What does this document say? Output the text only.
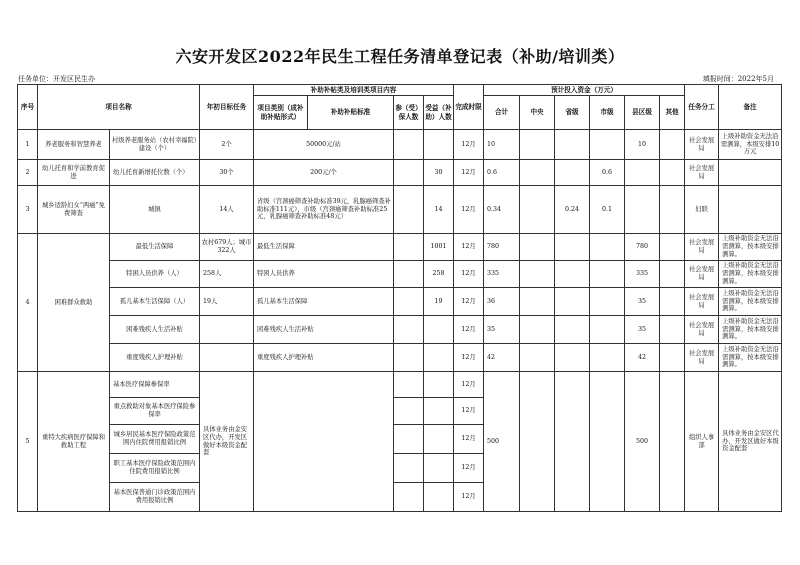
六安开发区2022年民生工程任务清单登记表（补助/培训类）
任务单位：开发区民生办	填报时间：2022年5月
序号	项目名称		年初目标任务	补助补帖类及培训类项目内容				完成时限	预计投入资金（万元）						任务分工	备注
				项目类别（成补助补贴形式）	补助补贴标准	参（受）保人数	受益（补助）人数		合计	中央	省级	市级	县区级	其他		
1	养老服务和智慧养老	村级养老服务站（农村幸福院）建设（个）	2个	50000元/站				12月	10				10		社会发展局	上级补助资金无法沿需测算，本级安排10万元
2	幼儿托育和学前教育促进	幼儿托育新增托位数（个）	30个	200元/个			30	12月	0.6			0.6			社会发展局	
3	城乡适龄妇女“两癌”免费筛查	城镇	14人	省级（宫颈癌筛查补助标准39元，乳腺癌筛查补助标准111元），市级（宫颈癌筛查补助标准25元，乳腺癌筛查补助标准48元）			14	12月	0.34		0.24	0.1			妇联	
4	困难群众救助	最低生活保障	农村679人；城市322人	最低生活保障			1001	12月	780				780		社会发展局	上级补助资金无法沿需测算，按本级安排测算。
		特困人员供养（人）	258人	特困人员供养			258	12月	335				335		社会发展局	上级补助资金无法沿需测算，按本级安排测算。
		孤儿基本生活保障（人）	19人	孤儿基本生活保障			19	12月	36				35		社会发展局	上级补助资金无法沿需测算，按本级安排测算。
		困难残疾人生活补贴		困难残疾人生活补贴				12月	35				35		社会发展局	上级补助资金无法沿需测算，按本级安排测算。
		重度残疾人护理补贴		重度残疾人护理补贴				12月	42				42		社会发展局	上级补助资金无法沿需测算，按本级安排测算。
5	重特大疾病医疗保障和救助工程	基本医疗保障参保率	具体业务由金安区代办，开发区做好本级资金配套					12月	500				500		组织人事部	具体业务由金安区代办，开发区做好本级资金配套
		重点救助对象基本医疗保险参保率						12月								
		城乡居民基本医疗保险政策范围内住院费用报销比例						12月								
		职工基本医疗保险政策范围内住院费用报销比例						12月								
		基本医保普通门诊政策范围内费用报销比例						12月								
